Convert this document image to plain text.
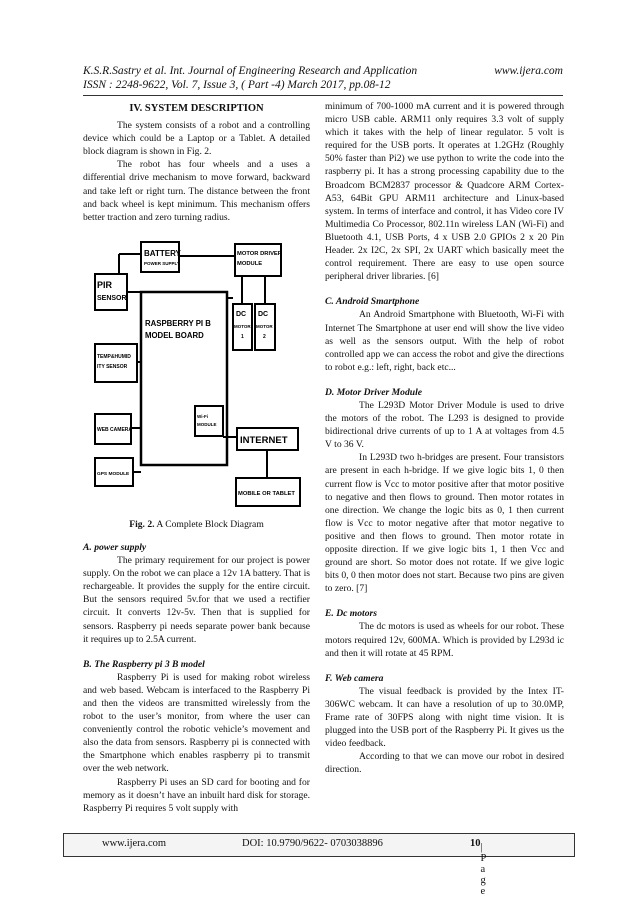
K.S.R.Sastry et al. Int. Journal of Engineering Research and Application	www.ijera.com
ISSN : 2248-9622, Vol. 7, Issue 3, ( Part -4) March 2017, pp.08-12

IV. SYSTEM DESCRIPTION

The system consists of a robot and a controlling device which could be a Laptop or a Tablet. A detailed block diagram is shown in Fig. 2.

The robot has four wheels and a uses a differential drive mechanism to move forward, backward and take left or right turn. The distance between the front and back wheel is kept minimum. This mechanism offers better traction and zero turning radius.

BATTERY
POWER SUPPLY
MOTOR DRIVER
MODULE
PIR
SENSOR
RASPBERRY PI B
MODEL BOARD
DC
MOTOR
1
DC
MOTOR
2
TEMP&HUMID
ITY SENSOR
Wi-Fi
MODULE
WEB CAMERA
INTERNET
GPS MODULE
MOBILE OR TABLET

Fig. 2. A Complete Block Diagram

A. power supply

The primary requirement for our project is power supply. On the robot we can place a 12v 1A battery. That is rechargeable. It provides the supply for the entire circuit. But the sensors required 5v.for that we used a rectifier circuit. It converts 12v-5v. Then that is supplied for sensors. Raspberry pi needs separate power bank because it requires up to 2.5A current.

B. The Raspberry pi 3 B model

Raspberry Pi is used for making robot wireless and web based. Webcam is interfaced to the Raspberry Pi and then the videos are transmitted wirelessly from the robot to the user’s monitor, from where the user can conveniently control the robotic vehicle’s movement and also the data from sensors. Raspberry pi is connected with the Smartphone which enables raspberry pi to transmit over the web network.

Raspberry Pi uses an SD card for booting and for memory as it doesn’t have an inbuilt hard disk for storage. Raspberry Pi requires 5 volt supply with

minimum of 700-1000 mA current and it is powered through micro USB cable. ARM11 only requires 3.3 volt of supply which it takes with the help of linear regulator. 5 volt is required for the USB ports. It operates at 1.2GHz (Roughly 50% faster than Pi2) we use python to write the code into the raspberry pi. It has a strong processing capability due to the Broadcom BCM2837 processor & Quadcore ARM Cortex-A53, 64Bit GPU ARM11 architecture and Linux-based system. In terms of interface and control, it has Video core IV Multimedia Co Processor, 802.11n wireless LAN (Wi-Fi) and Bluetooth 4.1, USB Ports, 4 x USB 2.0 GPIOs 2 x 20 Pin Header. 2x I2C, 2x SPI, 2x UART which basically meet the control requirement. There are easy to use open source peripheral driver libraries. [6]

C. Android Smartphone

An Android Smartphone with Bluetooth, Wi-Fi with Internet The Smartphone at user end will show the live video as well as the sensors output. With the help of robot controlled app we can access the robot and give the directions to robot e.g.: left, right, back etc...

D. Motor Driver Module

The L293D Motor Driver Module is used to drive the motors of the robot. The L293 is designed to provide bidirectional drive currents of up to 1 A at voltages from 4.5 V to 36 V.

In L293D two h-bridges are present. Four transistors are present in each h-bridge. If we give logic bits 1, 0 then current flow is Vcc to motor positive after that motor positive to negative and then flows to ground. Then motor rotates in one direction. We change the logic bits as 0, 1 then current flow is Vcc to motor negative after that motor negative to positive and then flows to ground. Then motor rotate in opposite direction. If we give logic bits 1, 1 then Vcc and ground are short. So motor does not rotate. If we give logic bits 0, 0 then motor does not start. Because two pins are given to zero. [7]

E. Dc motors

The dc motors is used as wheels for our robot. These motors required 12v, 600MA. Which is provided by L293d ic and then it will rotate at 45 RPM.

F. Web camera

The visual feedback is provided by the Intex IT-306WC webcam. It can have a resolution of up to 30.0MP, Frame rate of 30FPS along with night time vision. It is plugged into the USB port of the Raspberry Pi. It gives us the video feedback.

According to that we can move our robot in desired direction.

www.ijera.com	DOI: 10.9790/9622- 0703038896	10 | P a g e
